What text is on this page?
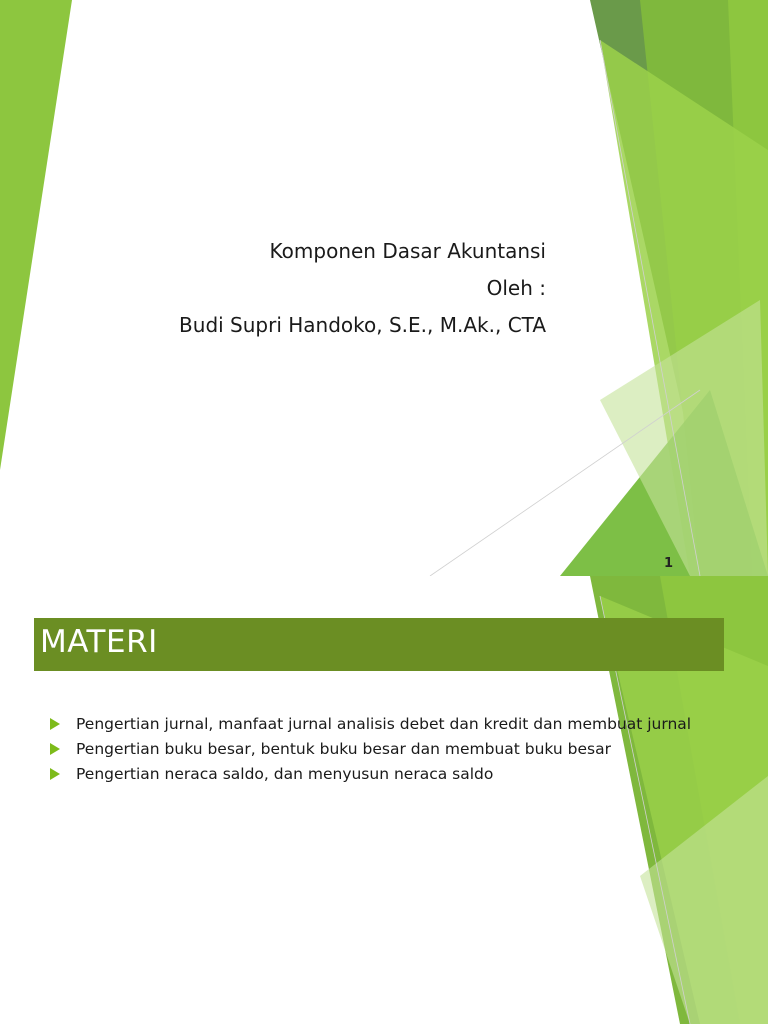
Komponen Dasar Akuntansi
Oleh :
Budi Supri Handoko, S.E., M.Ak., CTA
1
MATERI
Pengertian jurnal, manfaat jurnal analisis debet dan kredit dan membuat jurnal
Pengertian buku besar, bentuk buku besar dan membuat buku besar
Pengertian neraca saldo, dan menyusun neraca saldo
